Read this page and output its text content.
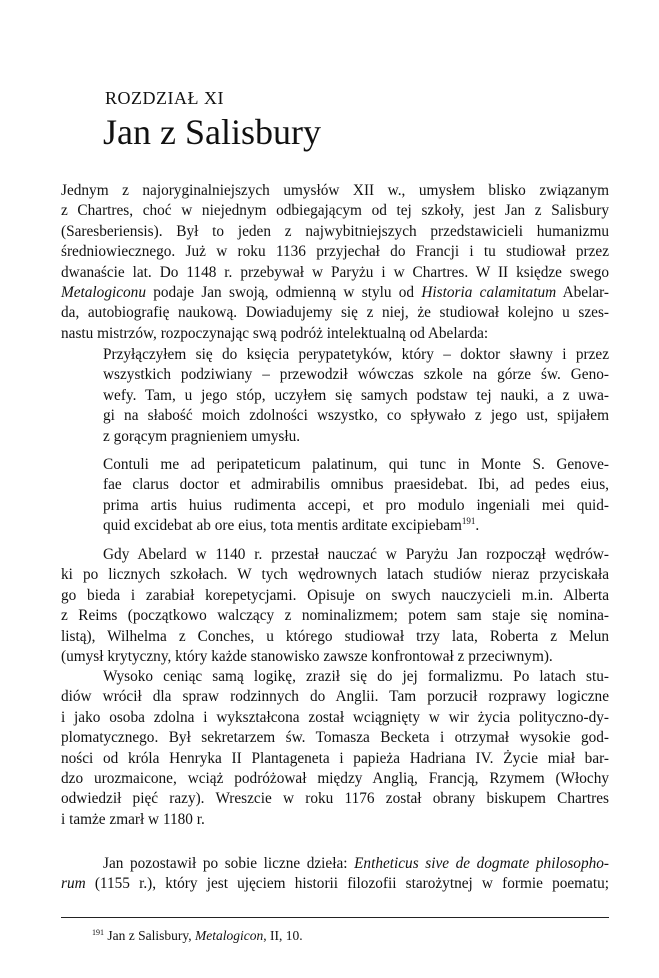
ROZDZIAŁ XI
Jan z Salisbury
Jednym z najoryginalniejszych umysłów XII w., umysłem blisko związanym
z Chartres, choć w niejednym odbiegającym od tej szkoły, jest Jan z Salisbury
(Saresberiensis). Był to jeden z najwybitniejszych przedstawicieli humanizmu
średniowiecznego. Już w roku 1136 przyjechał do Francji i tu studiował przez
dwanaście lat. Do 1148 r. przebywał w Paryżu i w Chartres. W II księdze swego
Metalogiconu podaje Jan swoją, odmienną w stylu od Historia calamitatum Abelar-
da, autobiografię naukową. Dowiadujemy się z niej, że studiował kolejno u szes-
nastu mistrzów, rozpoczynając swą podróż intelektualną od Abelarda:
Przyłączyłem się do księcia perypatetyków, który – doktor sławny i przez
wszystkich podziwiany – przewodził wówczas szkole na górze św. Geno-
wefy. Tam, u jego stóp, uczyłem się samych podstaw tej nauki, a z uwa-
gi na słabość moich zdolności wszystko, co spływało z jego ust, spijałem
z gorącym pragnieniem umysłu.
Contuli me ad peripateticum palatinum, qui tunc in Monte S. Genove-
fae clarus doctor et admirabilis omnibus praesidebat. Ibi, ad pedes eius,
prima artis huius rudimenta accepi, et pro modulo ingeniali mei quid-
quid excidebat ab ore eius, tota mentis arditate excipiebam$^{191}$.
Gdy Abelard w 1140 r. przestał nauczać w Paryżu Jan rozpoczął wędrów-
ki po licznych szkołach. W tych wędrownych latach studiów nieraz przyciskała
go bieda i zarabiał korepetycjami. Opisuje on swych nauczycieli m.in. Alberta
z Reims (początkowo walczący z nominalizmem; potem sam staje się nomina-
listą), Wilhelma z Conches, u którego studiował trzy lata, Roberta z Melun
(umysł krytyczny, który każde stanowisko zawsze konfrontował z przeciwnym).
Wysoko ceniąc samą logikę, zraził się do jej formalizmu. Po latach stu-
diów wrócił dla spraw rodzinnych do Anglii. Tam porzucił rozprawy logiczne
i jako osoba zdolna i wykształcona został wciągnięty w wir życia polityczno-dy-
plomatycznego. Był sekretarzem św. Tomasza Becketa i otrzymał wysokie god-
ności od króla Henryka II Plantageneta i papieża Hadriana IV. Życie miał bar-
dzo urozmaicone, wciąż podróżował między Anglią, Francją, Rzymem (Włochy
odwiedził pięć razy). Wreszcie w roku 1176 został obrany biskupem Chartres
i tamże zmarł w 1180 r.
Jan pozostawił po sobie liczne dzieła: Entheticus sive de dogmate philosopho-
rum (1155 r.), który jest ujęciem historii filozofii starożytnej w formie poematu;
$^{191}$ Jan z Salisbury, Metalogicon, II, 10.
